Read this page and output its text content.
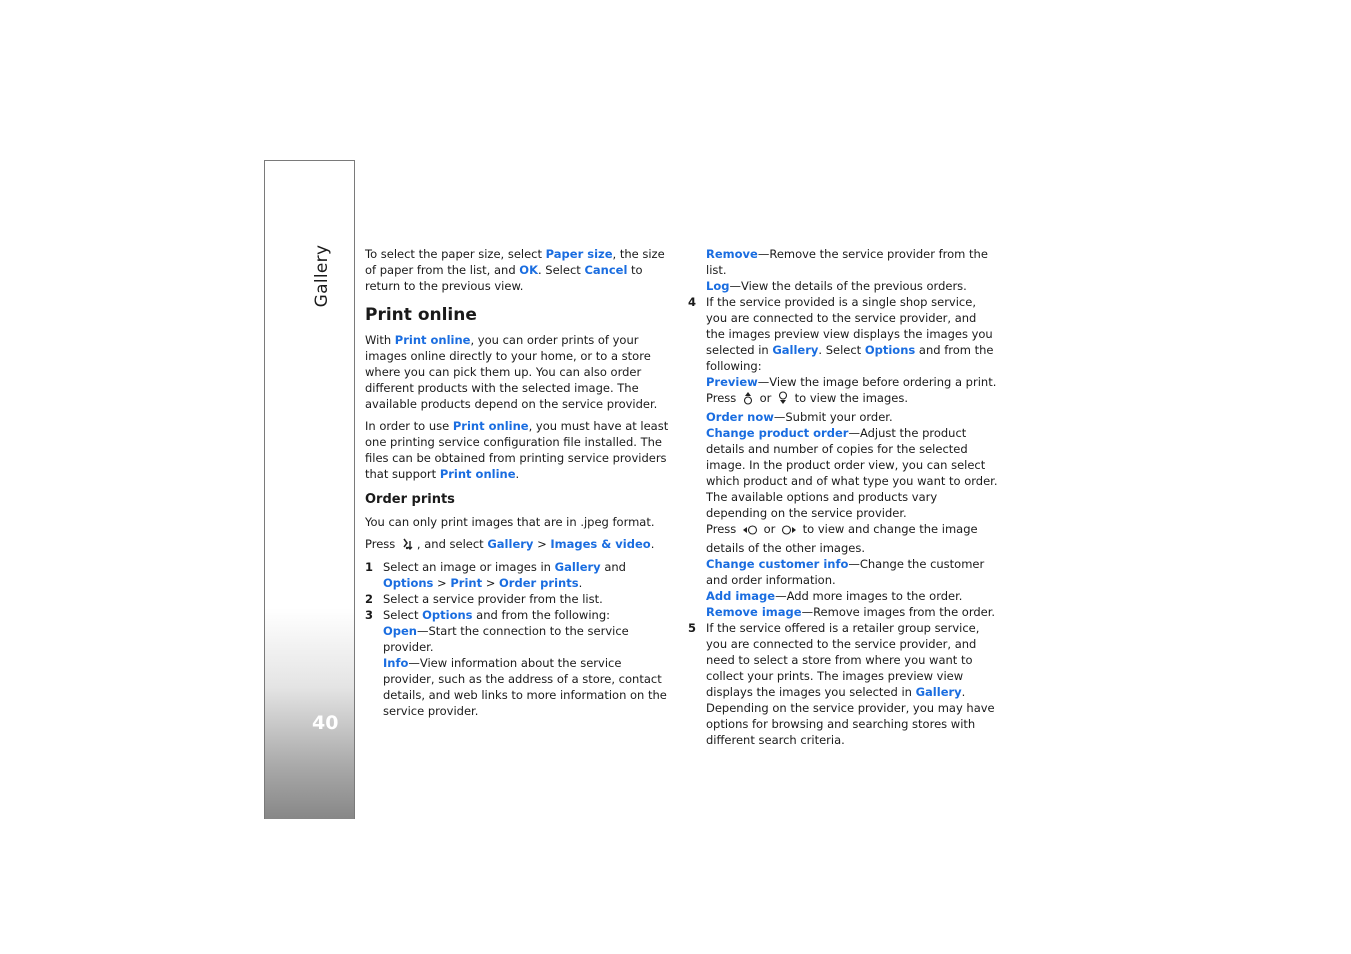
Gallery
40

To select the paper size, select Paper size, the size of paper from the list, and OK. Select Cancel to return to the previous view.

Print online

With Print online, you can order prints of your images online directly to your home, or to a store where you can pick them up. You can also order different products with the selected image. The available products depend on the service provider.

In order to use Print online, you must have at least one printing service configuration file installed. The files can be obtained from printing service providers that support Print online.

Order prints

You can only print images that are in .jpeg format.

Press , and select Gallery > Images & video.

1 Select an image or images in Gallery and Options > Print > Order prints.
2 Select a service provider from the list.
3 Select Options and from the following:

Open—Start the connection to the service provider.

Info—View information about the service provider, such as the address of a store, contact details, and web links to more information on the service provider.

Remove—Remove the service provider from the list.

Log—View the details of the previous orders.

4 If the service provided is a single shop service, you are connected to the service provider, and the images preview view displays the images you selected in Gallery. Select Options and from the following:

Preview—View the image before ordering a print. Press  or  to view the images.

Order now—Submit your order.

Change product order—Adjust the product details and number of copies for the selected image. In the product order view, you can select which product and of what type you want to order. The available options and products vary depending on the service provider.

Press  or  to view and change the image details of the other images.

Change customer info—Change the customer and order information.

Add image—Add more images to the order.

Remove image—Remove images from the order.

5 If the service offered is a retailer group service, you are connected to the service provider, and need to select a store from where you want to collect your prints. The images preview view displays the images you selected in Gallery. Depending on the service provider, you may have options for browsing and searching stores with different search criteria.
